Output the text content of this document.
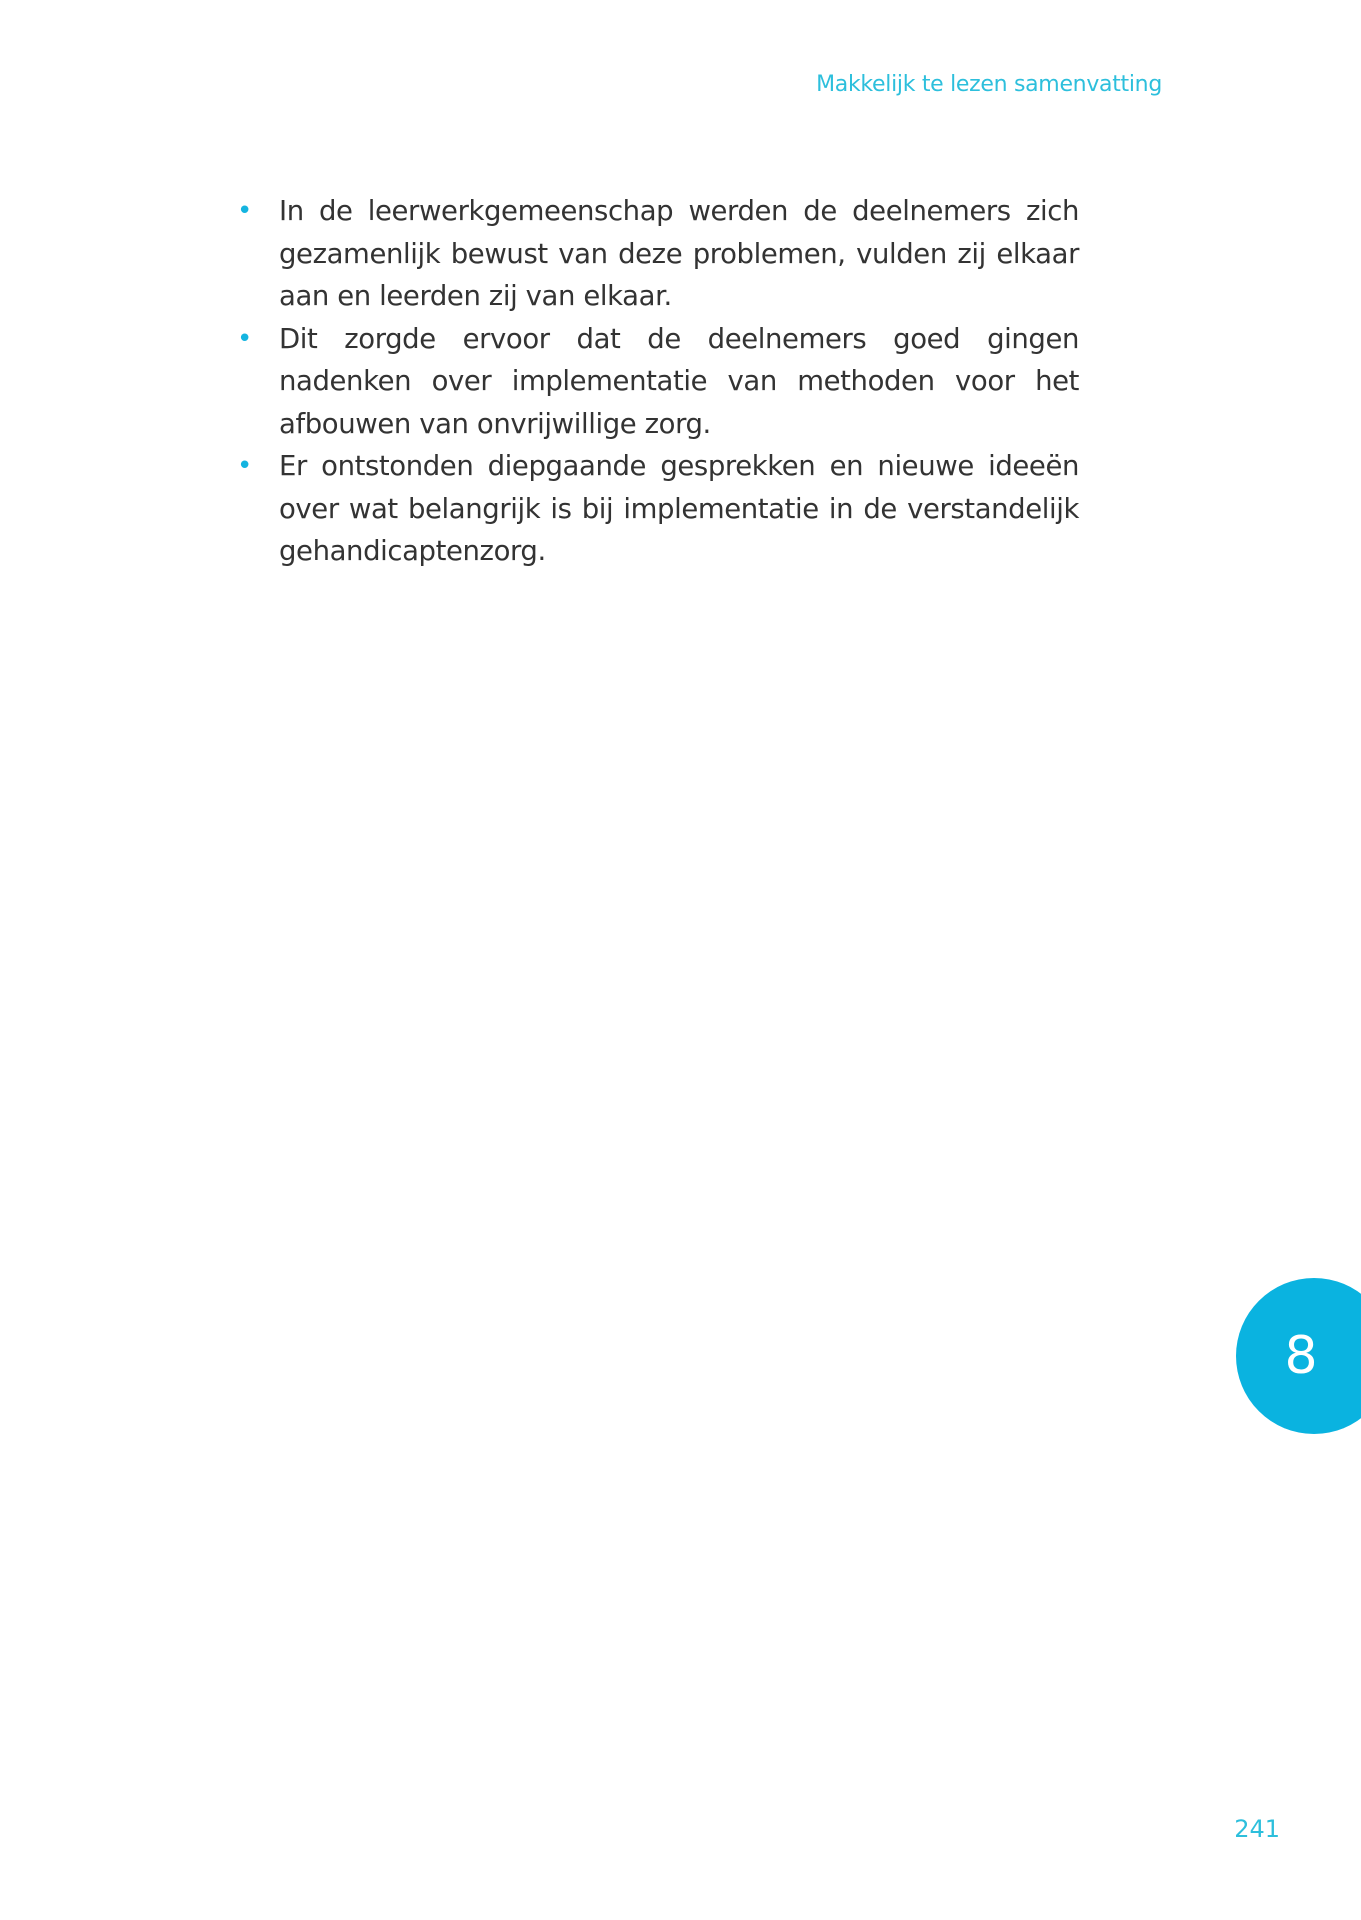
Makkelijk te lezen samenvatting
• In de leerwerkgemeenschap werden de deelnemers zich gezamenlijk bewust van deze problemen, vulden zij elkaar aan en leerden zij van elkaar.
• Dit zorgde ervoor dat de deelnemers goed gingen nadenken over implementatie van methoden voor het afbouwen van onvrijwillige zorg.
• Er ontstonden diepgaande gesprekken en nieuwe ideeën over wat belangrijk is bij implementatie in de verstandelijk gehandicaptenzorg.
8
241
